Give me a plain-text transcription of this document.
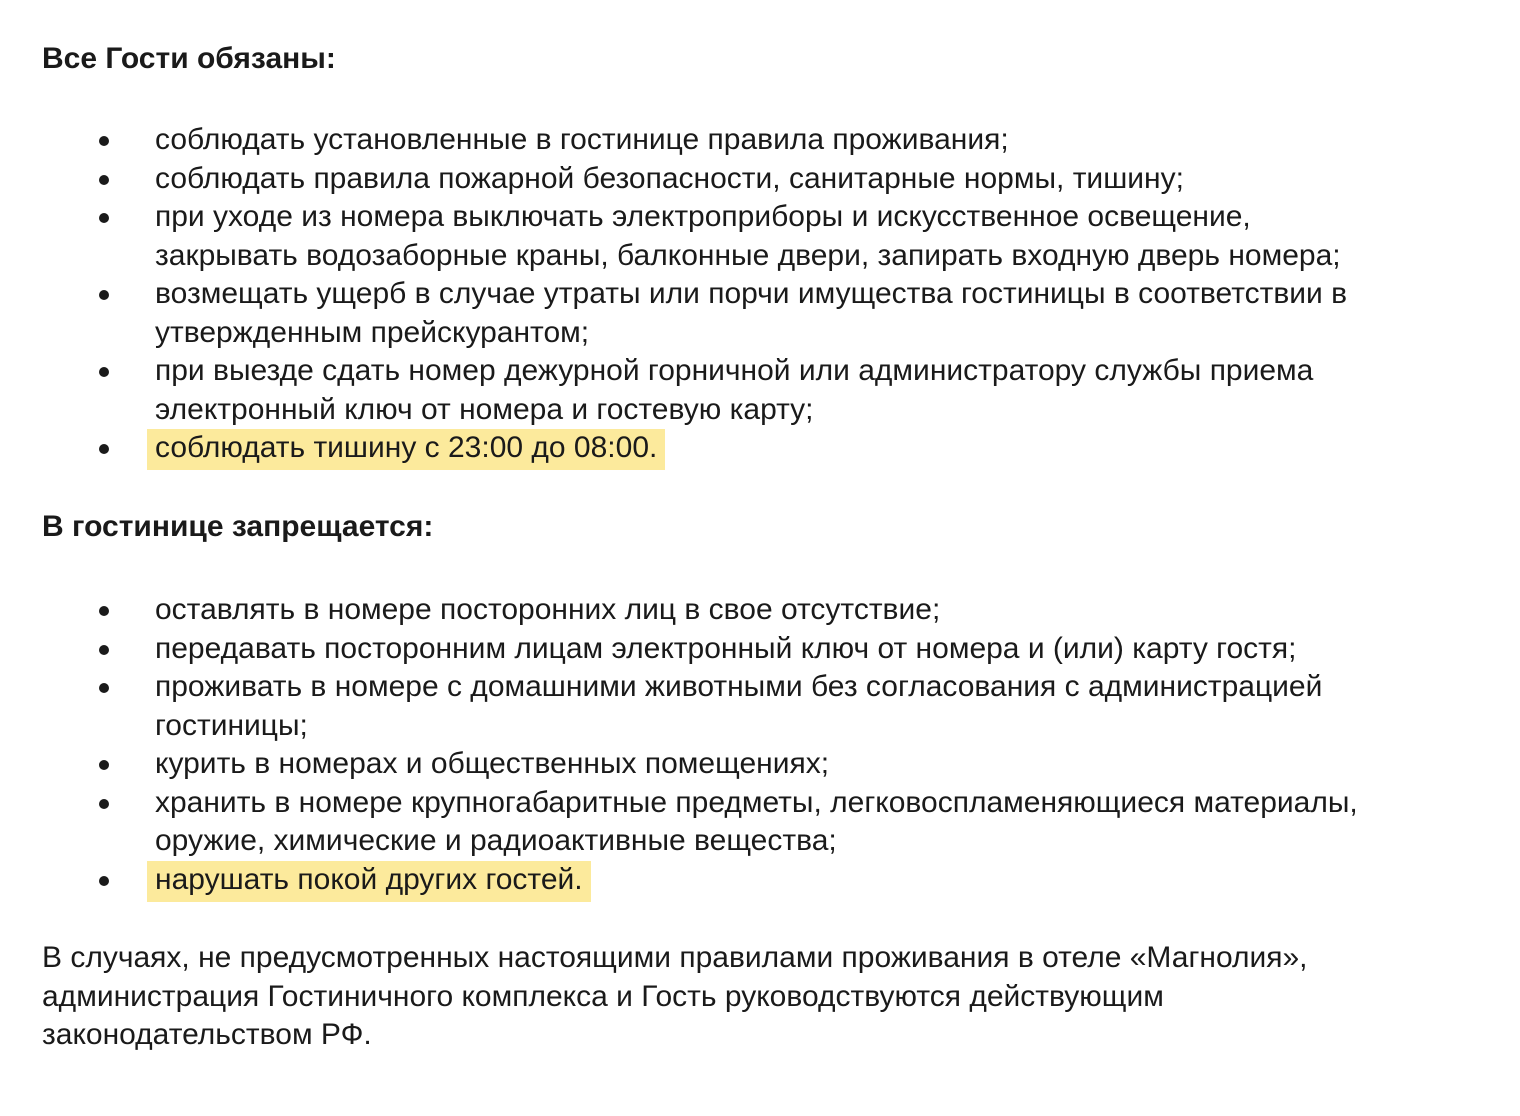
Все Гости обязаны:
соблюдать установленные в гостинице правила проживания;
соблюдать правила пожарной безопасности, санитарные нормы, тишину;
при уходе из номера выключать электроприборы и искусственное освещение,
закрывать водозаборные краны, балконные двери, запирать входную дверь номера;
возмещать ущерб в случае утраты или порчи имущества гостиницы в соответствии в
утвержденным прейскурантом;
при выезде сдать номер дежурной горничной или администратору службы приема
электронный ключ от номера и гостевую карту;
соблюдать тишину с 23:00 до 08:00.
В гостинице запрещается:
оставлять в номере посторонних лиц в свое отсутствие;
передавать посторонним лицам электронный ключ от номера и (или) карту гостя;
проживать в номере с домашними животными без согласования с администрацией
гостиницы;
курить в номерах и общественных помещениях;
хранить в номере крупногабаритные предметы, легковоспламеняющиеся материалы,
оружие, химические и радиоактивные вещества;
нарушать покой других гостей.

В случаях, не предусмотренных настоящими правилами проживания в отеле «Магнолия»,
администрация Гостиничного комплекса и Гость руководствуются действующим
законодательством РФ.
